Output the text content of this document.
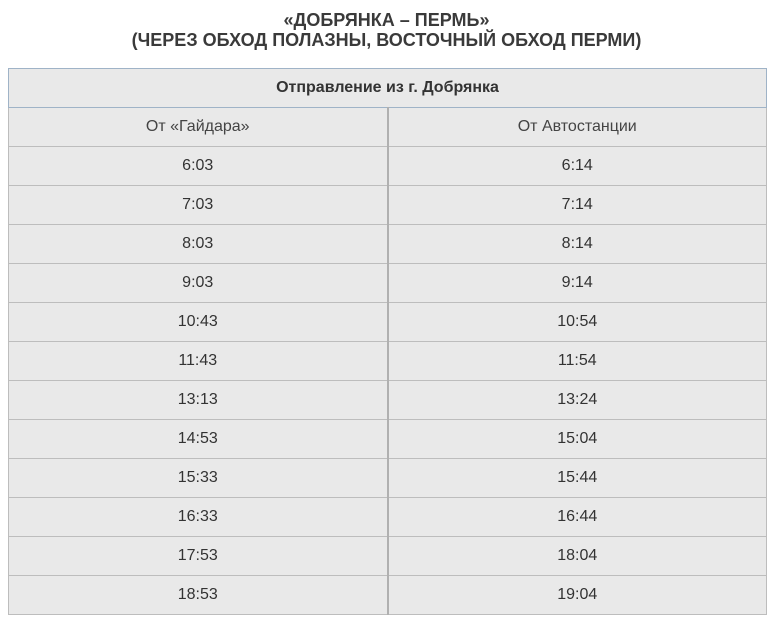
«ДОБРЯНКА – ПЕРМЬ»
(ЧЕРЕЗ ОБХОД ПОЛАЗНЫ, ВОСТОЧНЫЙ ОБХОД ПЕРМИ)
Отправление из г. Добрянка	
От «Гайдара»	От Автостанции
6:03	6:14
7:03	7:14
8:03	8:14
9:03	9:14
10:43	10:54
11:43	11:54
13:13	13:24
14:53	15:04
15:33	15:44
16:33	16:44
17:53	18:04
18:53	19:04
